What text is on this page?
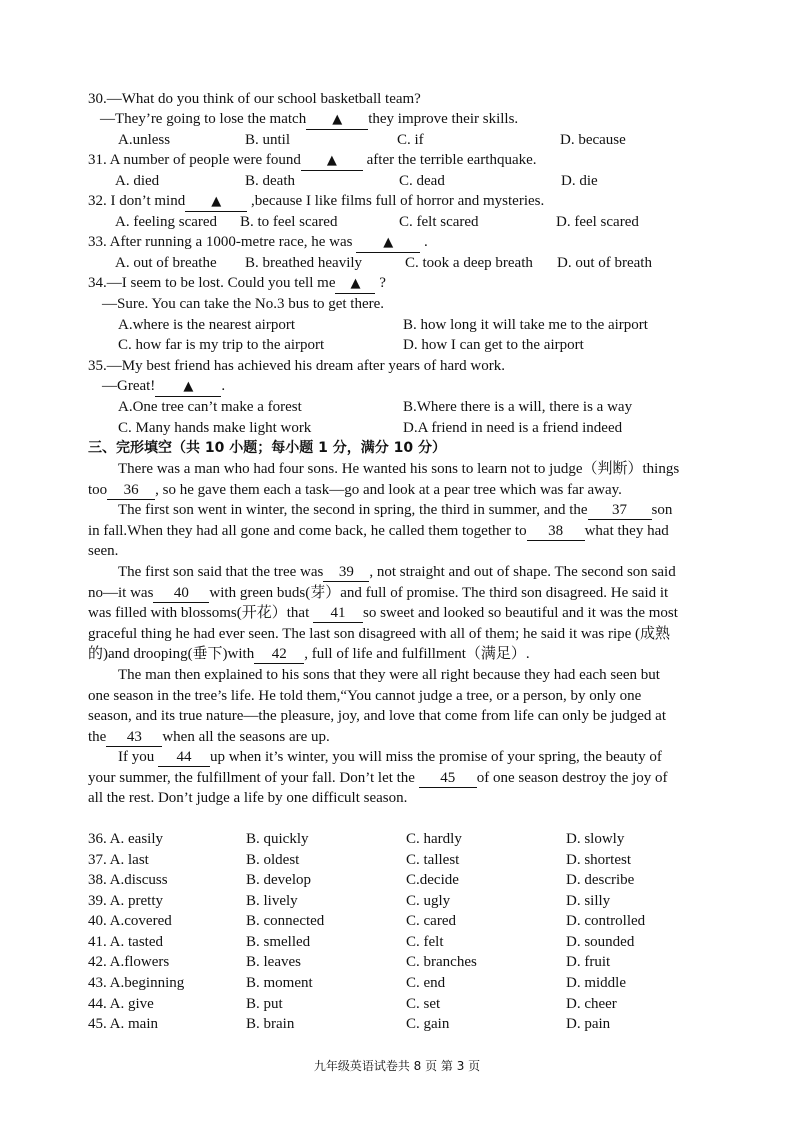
30.—What do you think of our school basketball team?
—They’re going to lose the match ▲ they improve their skills.
A.unless	B. until	C. if	D. because
31. A number of people were found ▲ after the terrible earthquake.
A. died	B. death	C. dead	D. die
32. I don’t mind ▲ ,because I like films full of horror and mysteries.
A. feeling scared B. to feel scared	C. felt scared	D. feel scared
33. After running a 1000-metre race, he was ▲ .
A. out of breathe B. breathed heavily	C. took a deep breath D. out of breath
34.—I seem to be lost. Could you tell me ▲ ?
—Sure. You can take the No.3 bus to get there.
A.where is the nearest airport	B. how long it will take me to the airport
C. how far is my trip to the airport	D. how I can get to the airport
35.—My best friend has achieved his dream after years of hard work.
—Great! ▲ .
A.One tree can’t make a forest	B.Where there is a will, there is a way
C. Many hands make light work	D.A friend in need is a friend indeed
三、完形填空（共 10 小题；每小题 1 分，满分 10 分）
There was a man who had four sons. He wanted his sons to learn not to judge（判断）things
too 36 , so he gave them each a task—go and look at a pear tree which was far away.
The first son went in winter, the second in spring, the third in summer, and the 37 son
in fall.When they had all gone and come back, he called them together to 38 what they had
seen.
The first son said that the tree was 39 , not straight and out of shape. The second son said
no—it was 40 with green buds(芽）and full of promise. The third son disagreed. He said it
was filled with blossoms(开花）that 41 so sweet and looked so beautiful and it was the most
graceful thing he had ever seen. The last son disagreed with all of them; he said it was ripe (成熟
的)and drooping(垂下)with 42 , full of life and fulfillment（满足）.
The man then explained to his sons that they were all right because they had each seen but
one season in the tree’s life. He told them,“You cannot judge a tree, or a person, by only one
season, and its true nature—the pleasure, joy, and love that come from life can only be judged at
the 43 when all the seasons are up.
If you 44 up when it’s winter, you will miss the promise of your spring, the beauty of
your summer, the fulfillment of your fall. Don’t let the 45 of one season destroy the joy of
all the rest. Don’t judge a life by one difficult season.
36. A. easily	B. quickly	C. hardly	D. slowly
37. A. last	B. oldest	C. tallest	D. shortest
38. A.discuss	B. develop	C.decide	D. describe
39. A. pretty	B. lively	C. ugly	D. silly
40. A.covered	B. connected	C. cared	D. controlled
41. A. tasted	B. smelled	C. felt	D. sounded
42. A.flowers	B. leaves	C. branches	D. fruit
43. A.beginning	B. moment	C. end	D. middle
44. A. give	B. put	C. set	D. cheer
45. A. main	B. brain	C. gain	D. pain
九年级英语试卷共 8 页 第 3 页
